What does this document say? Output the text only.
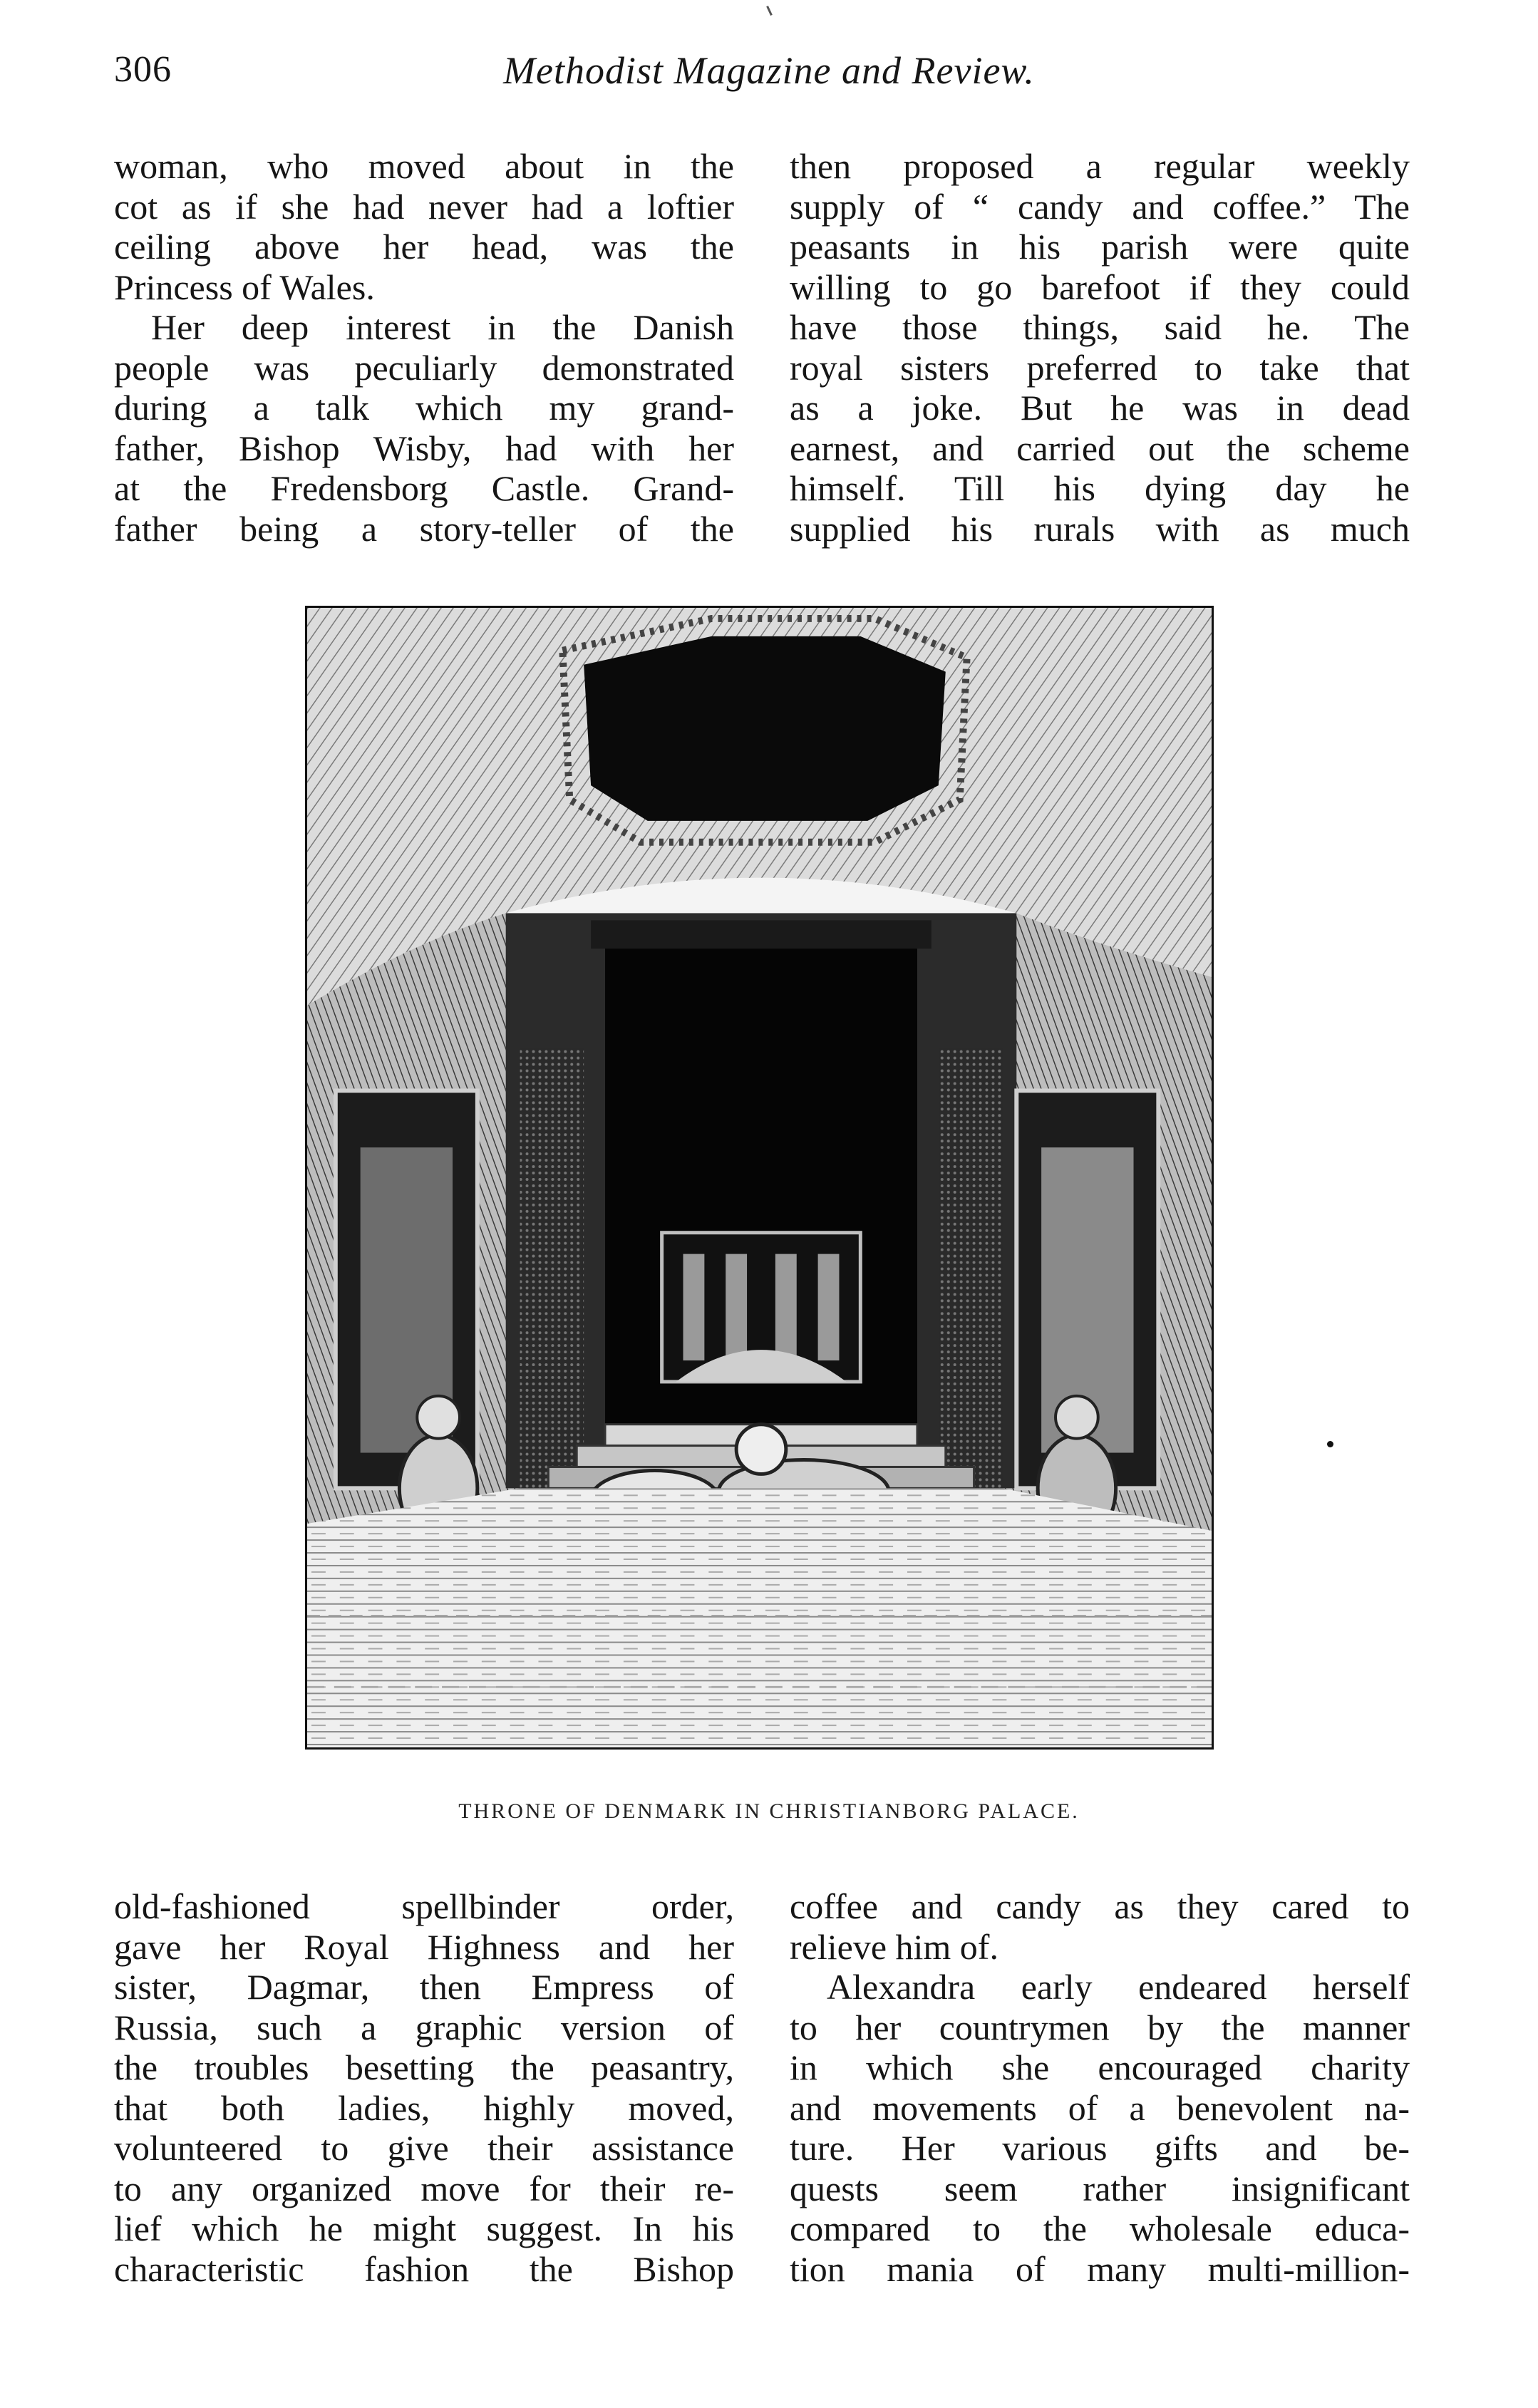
306	Methodist Magazine and Review.

woman, who moved about in the

cot as if she had never had a loftier

ceiling above her head, was the

Princess of Wales.

Her deep interest in the Danish

people was peculiarly demonstrated

during a talk which my grand-

father, Bishop Wisby, had with her

at the Fredensborg Castle. Grand-

father being a story-teller of the

then proposed a regular weekly

supply of “ candy and coffee.” The

peasants in his parish were quite

willing to go barefoot if they could

have those things, said he. The

royal sisters preferred to take that

as a joke. But he was in dead

earnest, and carried out the scheme

himself. Till his dying day he

supplied his rurals with as much

THRONE OF DENMARK IN CHRISTIANBORG PALACE.

old-fashioned spellbinder order,

gave her Royal Highness and her

sister, Dagmar, then Empress of

Russia, such a graphic version of

the troubles besetting the peasantry,

that both ladies, highly moved,

volunteered to give their assistance

to any organized move for their re-

lief which he might suggest. In his

characteristic fashion the Bishop

coffee and candy as they cared to

relieve him of.

Alexandra early endeared herself

to her countrymen by the manner

in which she encouraged charity

and movements of a benevolent na-

ture. Her various gifts and be-

quests seem rather insignificant

compared to the wholesale educa-

tion mania of many multi-million-
